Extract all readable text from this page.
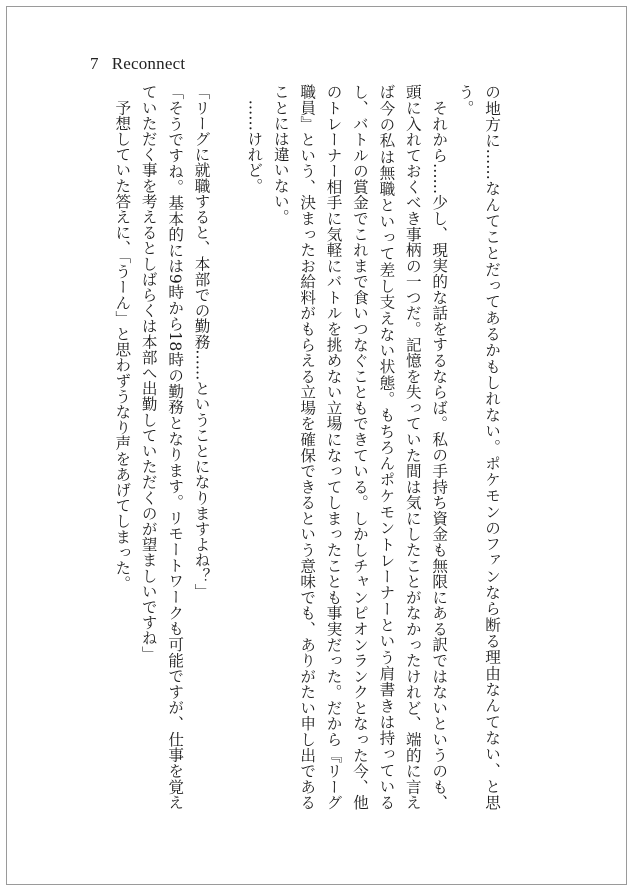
7 Reconnect

の地方に……なんてことだってあるかもしれない。ポケモンのファンなら断る理由なんてない、と思う。

　それから……少し、現実的な話をするならば。私の手持ち資金も無限にある訳ではないというのも、頭に入れておくべき事柄の一つだ。記憶を失っていた間は気にしたことがなかったけれど、端的に言えば今の私は無職といって差し支えない状態。もちろんポケモントレーナーという肩書きは持っているし、バトルの賞金でこれまで食いつなぐこともできている。しかしチャンピオンランクとなった今、他のトレーナー相手に気軽にバトルを挑めない立場になってしまったことも事実だった。だから『リーグ職員』という、決まったお給料がもらえる立場を確保できるという意味でも、ありがたい申し出であることには違いない。

　……けれど。

「リーグに就職すると、本部での勤務……ということになりますよね？」

「そうですね。基本的には9時から18時の勤務となります。リモートワークも可能ですが、仕事を覚えていただく事を考えるとしばらくは本部へ出勤していただくのが望ましいですね」

　予想していた答えに、「うーん」と思わずうなり声をあげてしまった。
